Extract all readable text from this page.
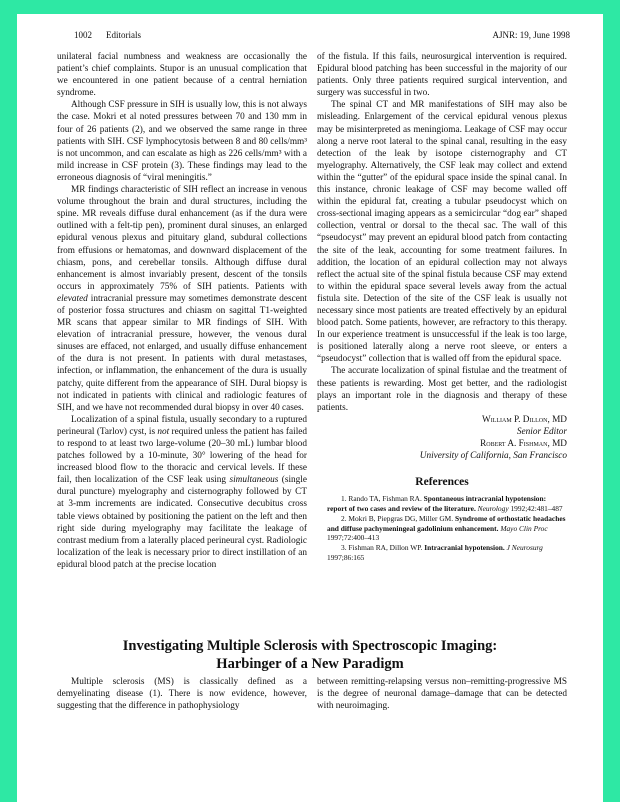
1002 Editorials	AJNR: 19, June 1998

unilateral facial numbness and weakness are occasionally the patient’s chief complaints. Stupor is an unusual complication that we encountered in one patient because of a central herniation syndrome.

Although CSF pressure in SIH is usually low, this is not always the case. Mokri et al noted pressures between 70 and 130 mm in four of 26 patients (2), and we observed the same range in three patients with SIH. CSF lymphocytosis between 8 and 80 cells/mm³ is not uncommon, and can escalate as high as 226 cells/mm³ with a mild increase in CSF protein (3). These findings may lead to the erroneous diagnosis of “viral meningitis.”

MR findings characteristic of SIH reflect an increase in venous volume throughout the brain and dural structures, including the spine. MR reveals diffuse dural enhancement (as if the dura were outlined with a felt-tip pen), prominent dural sinuses, an enlarged epidural venous plexus and pituitary gland, subdural collections from effusions or hematomas, and downward displacement of the chiasm, pons, and cerebellar tonsils. Although diffuse dural enhancement is almost invariably present, descent of the tonsils occurs in approximately 75% of SIH patients. Patients with elevated intracranial pressure may sometimes demonstrate descent of posterior fossa structures and chiasm on sagittal T1-weighted MR scans that appear similar to MR findings of SIH. With elevation of intracranial pressure, however, the venous dural sinuses are effaced, not enlarged, and usually diffuse enhancement of the dura is not present. In patients with dural metastases, infection, or inflammation, the enhancement of the dura is usually patchy, quite different from the appearance of SIH. Dural biopsy is not indicated in patients with clinical and radiologic features of SIH, and we have not recommended dural biopsy in over 40 cases.

Localization of a spinal fistula, usually secondary to a ruptured perineural (Tarlov) cyst, is not required unless the patient has failed to respond to at least two large-volume (20–30 mL) lumbar blood patches followed by a 10-minute, 30° lowering of the head for increased blood flow to the thoracic and cervical levels. If these fail, then localization of the CSF leak using simultaneous (single dural puncture) myelography and cisternography followed by CT at 3-mm increments are indicated. Consecutive decubitus cross table views obtained by positioning the patient on the left and then right side during myelography may facilitate the leakage of contrast medium from a laterally placed perineural cyst. Radiologic localization of the leak is necessary prior to direct instillation of an epidural blood patch at the precise location

of the fistula. If this fails, neurosurgical intervention is required. Epidural blood patching has been successful in the majority of our patients. Only three patients required surgical intervention, and surgery was successful in two.

The spinal CT and MR manifestations of SIH may also be misleading. Enlargement of the cervical epidural venous plexus may be misinterpreted as meningioma. Leakage of CSF may occur along a nerve root lateral to the spinal canal, resulting in the easy detection of the leak by isotope cisternography and CT myelography. Alternatively, the CSF leak may collect and extend within the “gutter” of the epidural space inside the spinal canal. In this instance, chronic leakage of CSF may become walled off within the epidural fat, creating a tubular pseudocyst which on cross-sectional imaging appears as a semicircular “dog ear” shaped collection, ventral or dorsal to the thecal sac. The wall of this “pseudocyst” may prevent an epidural blood patch from contacting the site of the leak, accounting for some treatment failures. In addition, the location of an epidural collection may not always reflect the actual site of the spinal fistula because CSF may extend to within the epidural space several levels away from the actual fistula site. Detection of the site of the CSF leak is usually not necessary since most patients are treated effectively by an epidural blood patch. Some patients, however, are refractory to this therapy. In our experience treatment is unsuccessful if the leak is too large, is positioned laterally along a nerve root sleeve, or enters a “pseudocyst” collection that is walled off from the epidural space.

The accurate localization of spinal fistulae and the treatment of these patients is rewarding. Most get better, and the radiologist plays an important role in the diagnosis and therapy of these patients.

William P. Dillon, MD

Senior Editor

Robert A. Fishman, MD

University of California, San Francisco

References

1. Rando TA, Fishman RA. Spontaneous intracranial hypotension: report of two cases and review of the literature. Neurology 1992;42:481–487

2. Mokri B, Piepgras DG, Miller GM. Syndrome of orthostatic headaches and diffuse pachymeningeal gadolinium enhancement. Mayo Clin Proc 1997;72:400–413

3. Fishman RA, Dillon WP. Intracranial hypotension. J Neurosurg 1997;86:165

Investigating Multiple Sclerosis with Spectroscopic Imaging:
Harbinger of a New Paradigm

Multiple sclerosis (MS) is classically defined as a demyelinating disease (1). There is now evidence, however, suggesting that the difference in pathophysiology

between remitting-relapsing versus non–remitting-progressive MS is the degree of neuronal damage–damage that can be detected with neuroimaging.
